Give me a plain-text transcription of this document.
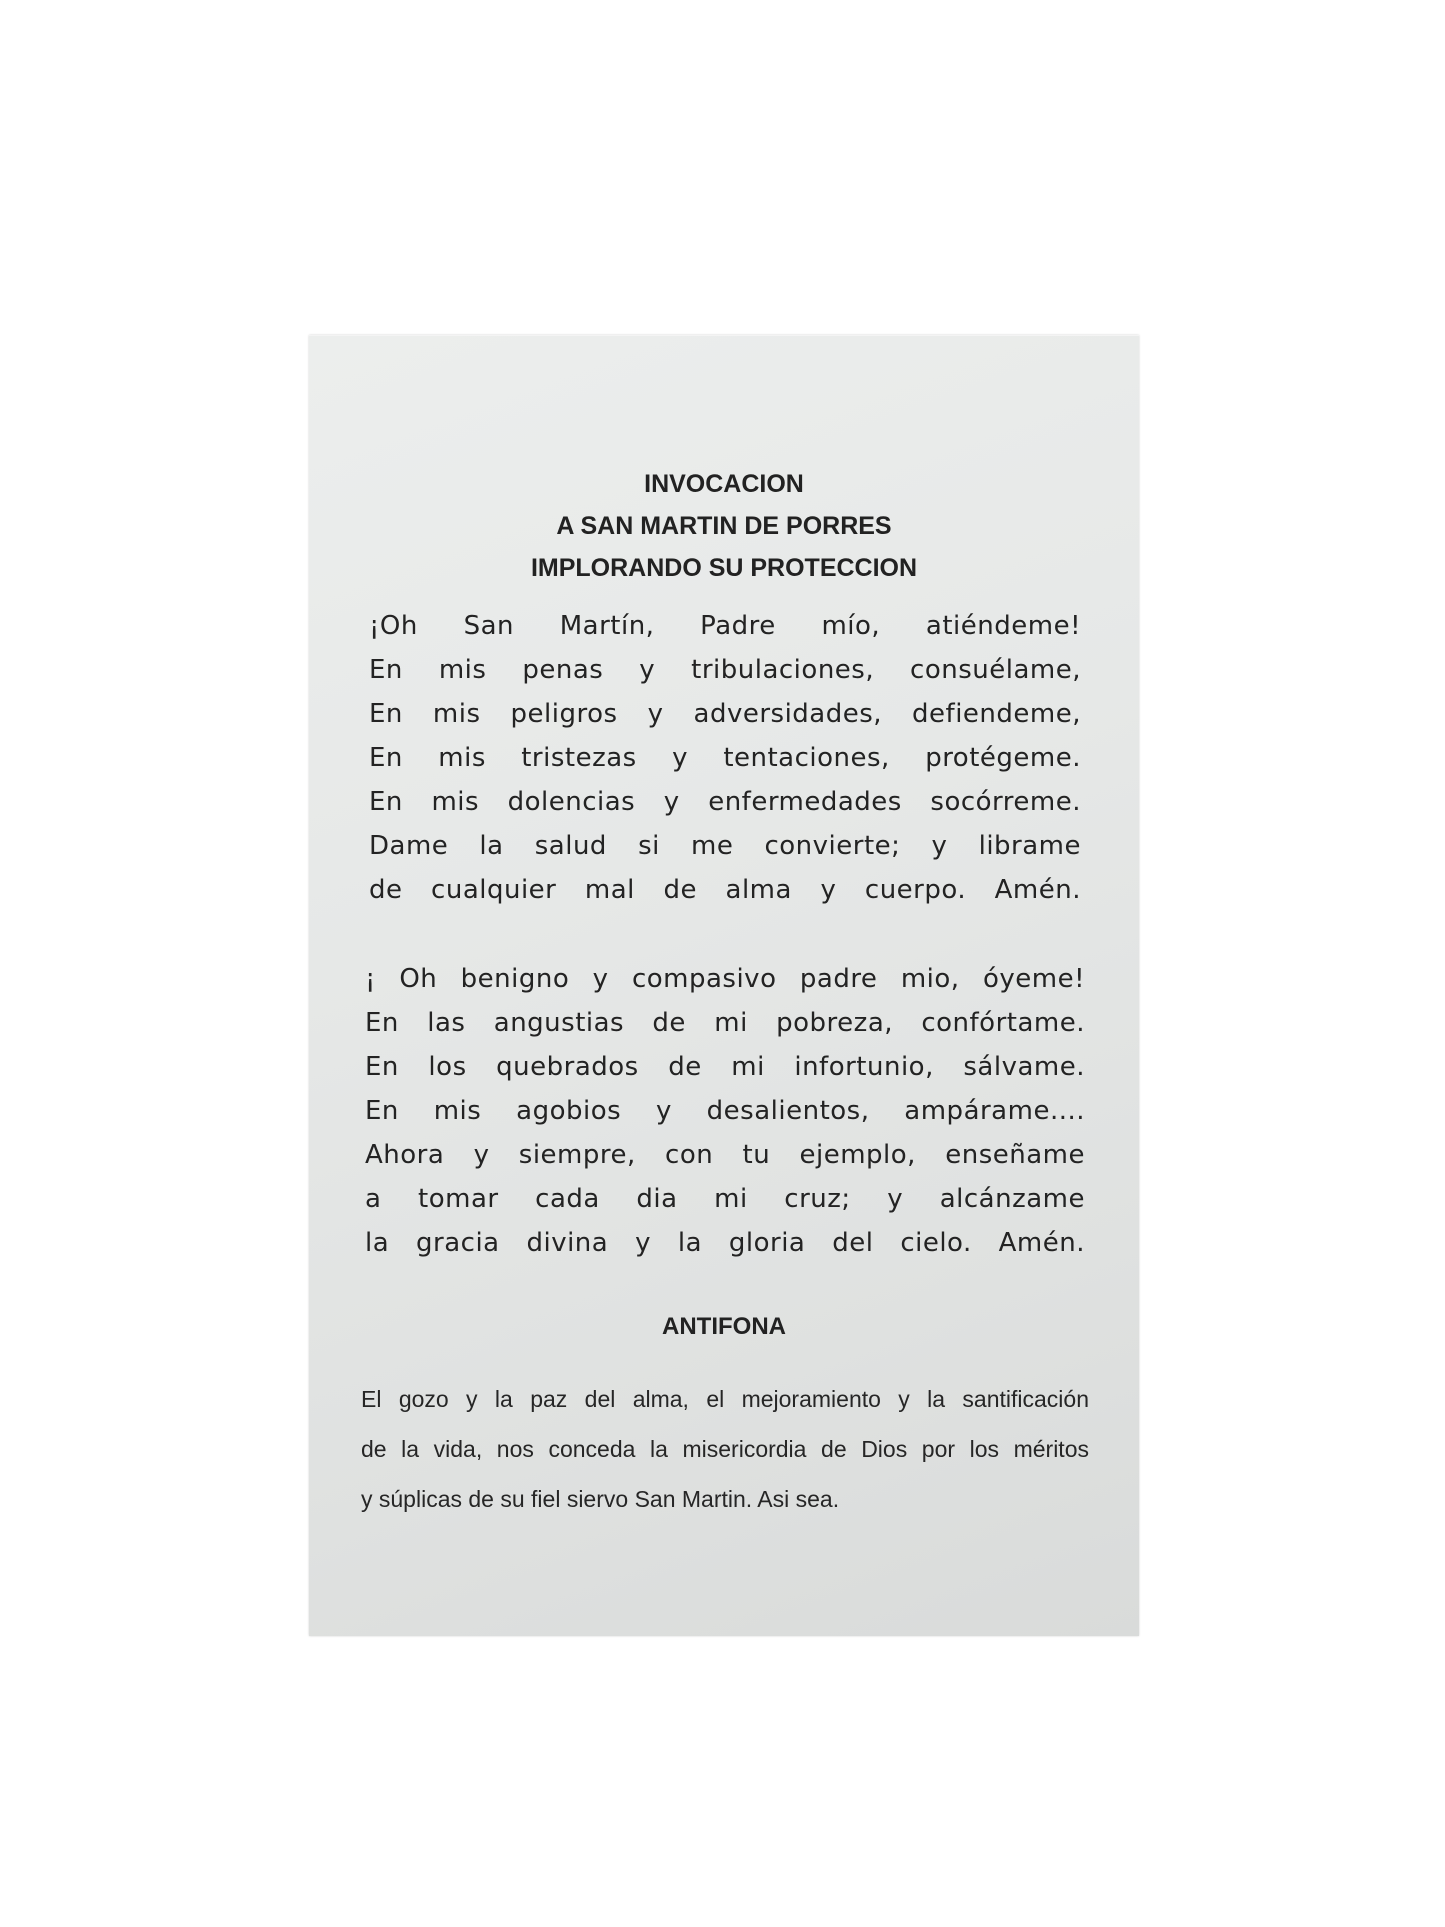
INVOCACION
A SAN MARTIN DE PORRES
IMPLORANDO SU PROTECCION
¡Oh San Martín, Padre mío, atiéndeme!
En mis penas y tribulaciones, consuélame,
En mis peligros y adversidades, defiendeme,
En mis tristezas y tentaciones, protégeme.
En mis dolencias y enfermedades socórreme.
Dame la salud si me convierte; y librame
de cualquier mal de alma y cuerpo. Amén.
¡ Oh benigno y compasivo padre mio, óyeme!
En las angustias de mi pobreza, confórtame.
En los quebrados de mi infortunio, sálvame.
En mis agobios y desalientos, ampárame....
Ahora y siempre, con tu ejemplo, enseñame
a tomar cada dia mi cruz; y alcánzame
la gracia divina y la gloria del cielo. Amén.
ANTIFONA
El gozo y la paz del alma, el mejoramiento y la santificación
de la vida, nos conceda la misericordia de Dios por los méritos
y súplicas de su fiel siervo San Martin. Asi sea.
